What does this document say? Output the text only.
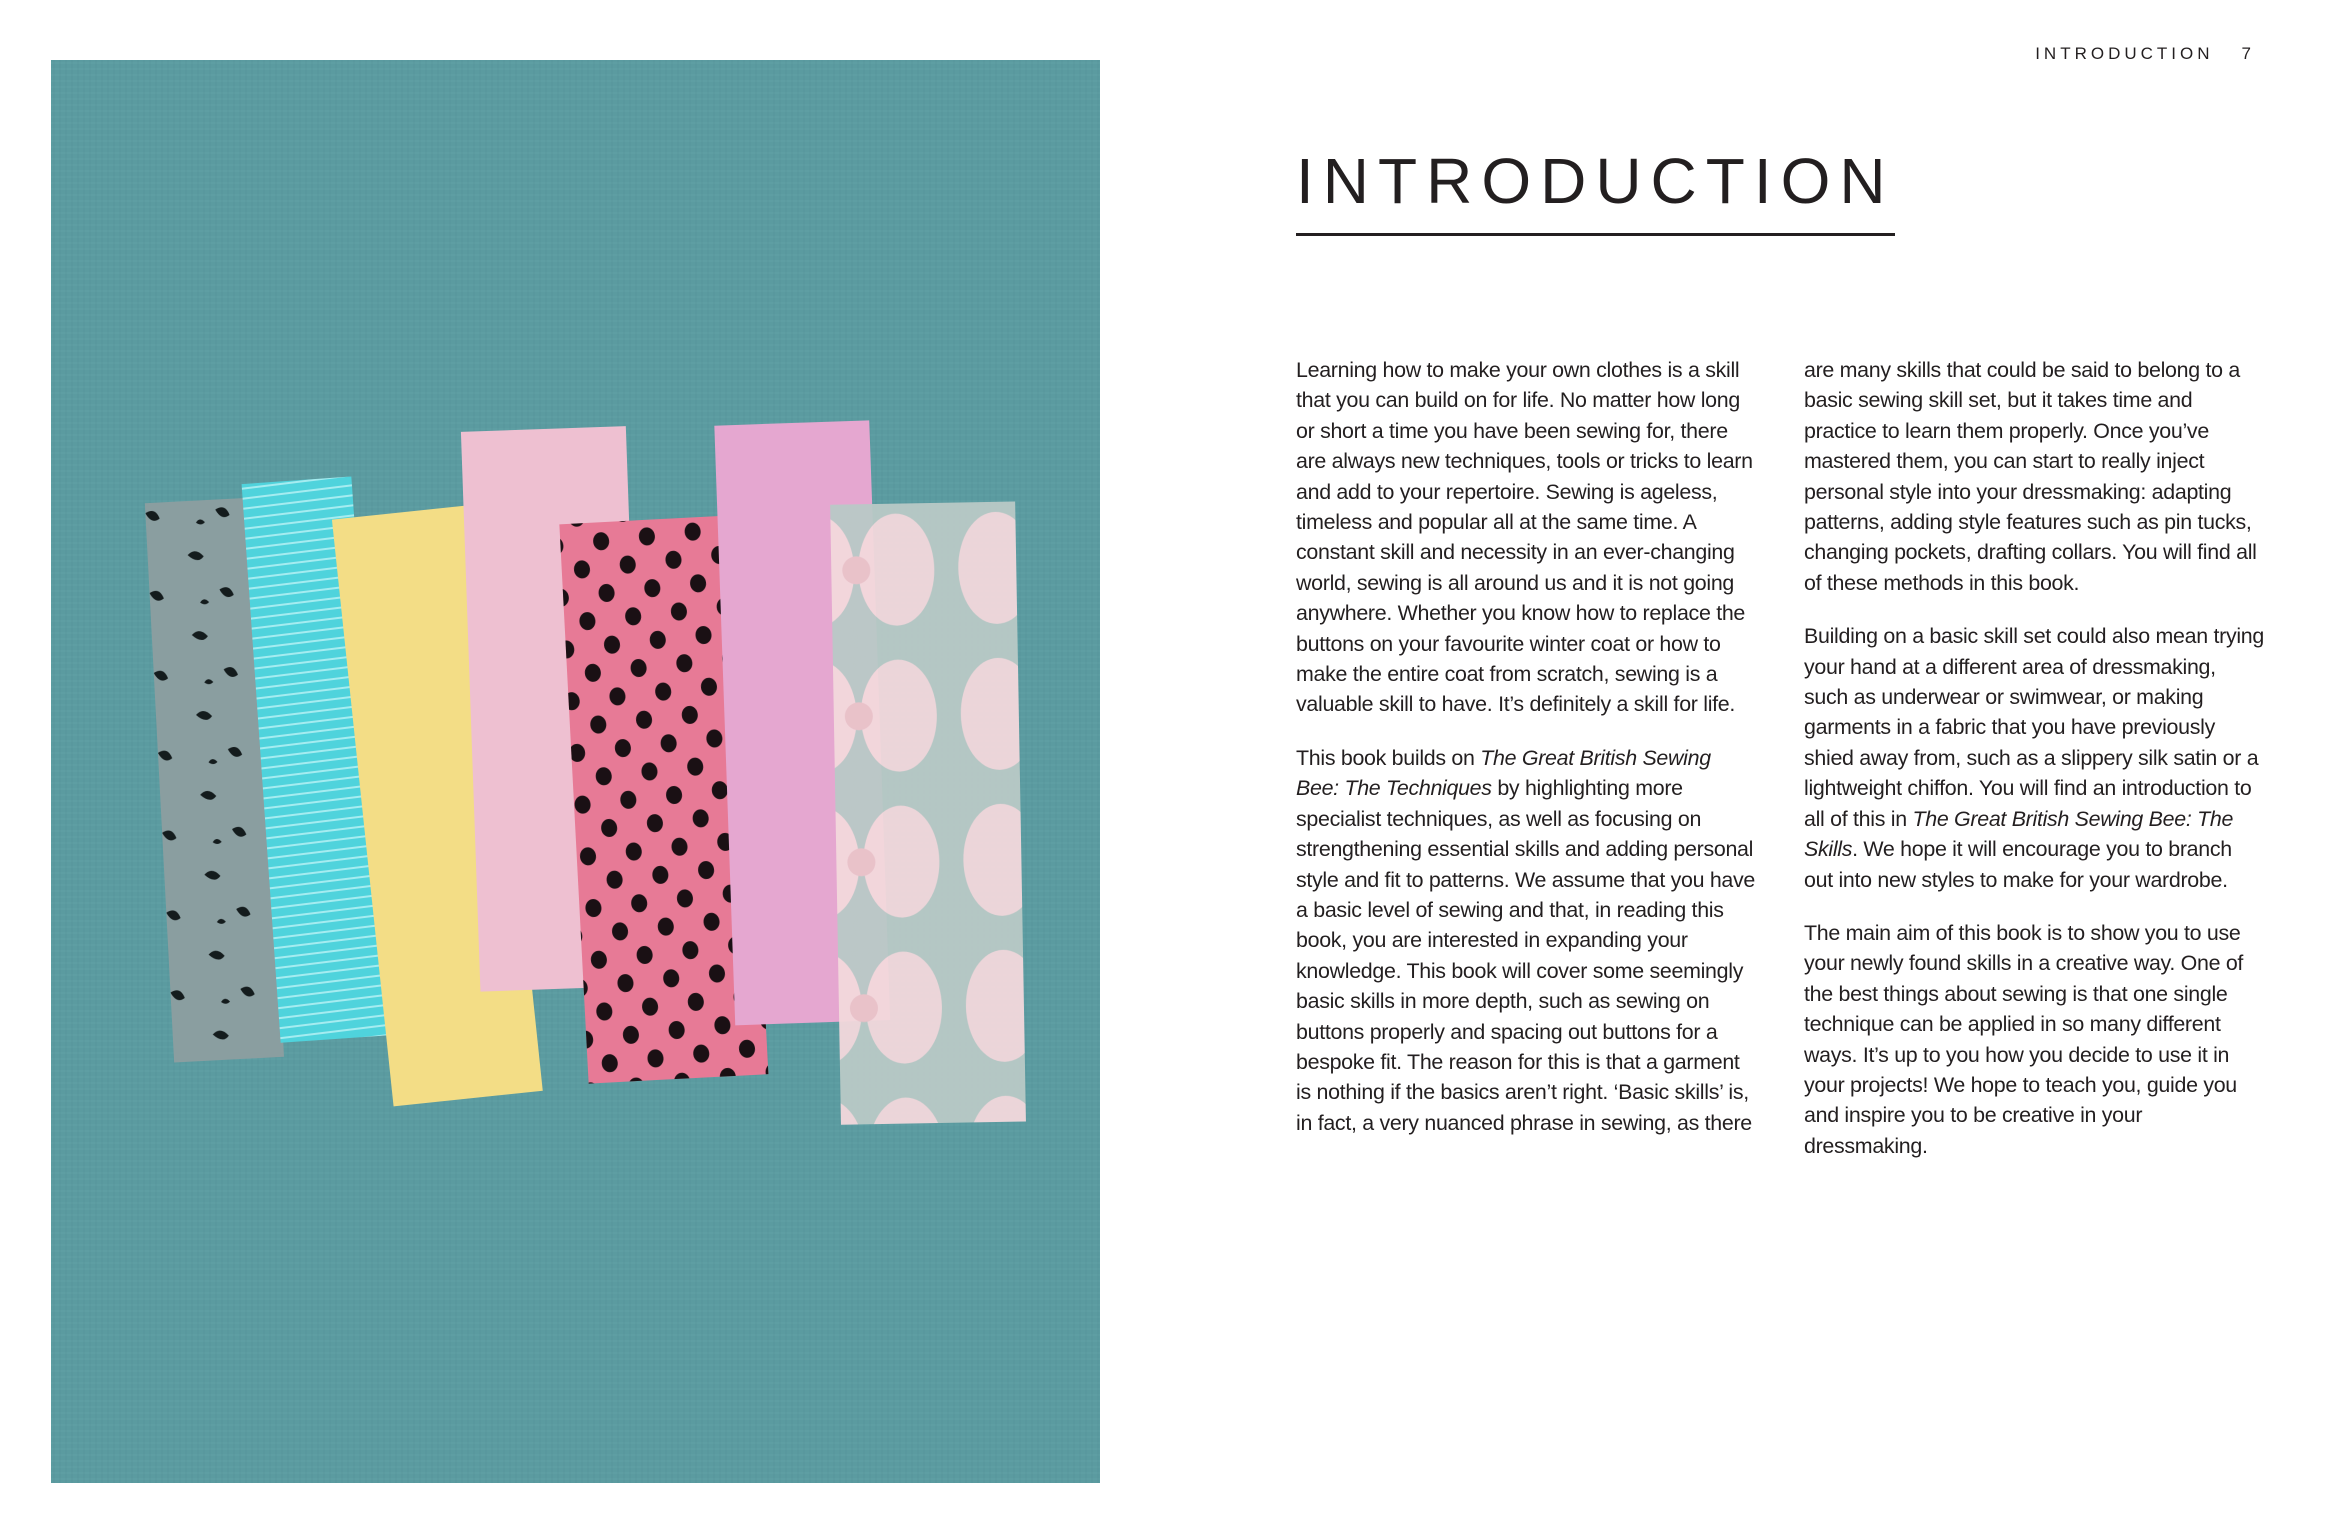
INTRODUCTION 7
INTRODUCTION

Learning how to make your own clothes is a skill that you can build on for life. No matter how long or short a time you have been sewing for, there are always new techniques, tools or tricks to learn and add to your repertoire. Sewing is ageless, timeless and popular all at the same time. A constant skill and necessity in an ever-changing world, sewing is all around us and it is not going anywhere. Whether you know how to replace the buttons on your favourite winter coat or how to make the entire coat from scratch, sewing is a valuable skill to have. It’s definitely a skill for life.

This book builds on The Great British Sewing Bee: The Techniques by highlighting more specialist techniques, as well as focusing on strengthening essential skills and adding personal style and fit to patterns. We assume that you have a basic level of sewing and that, in reading this book, you are interested in expanding your knowledge. This book will cover some seemingly basic skills in more depth, such as sewing on buttons properly and spacing out buttons for a bespoke fit. The reason for this is that a garment is nothing if the basics aren’t right. ‘Basic skills’ is, in fact, a very nuanced phrase in sewing, as there

are many skills that could be said to belong to a basic sewing skill set, but it takes time and practice to learn them properly. Once you’ve mastered them, you can start to really inject personal style into your dressmaking: adapting patterns, adding style features such as pin tucks, changing pockets, drafting collars. You will find all of these methods in this book.

Building on a basic skill set could also mean trying your hand at a different area of dressmaking, such as underwear or swimwear, or making garments in a fabric that you have previously shied away from, such as a slippery silk satin or a lightweight chiffon. You will find an introduction to all of this in The Great British Sewing Bee: The Skills. We hope it will encourage you to branch out into new styles to make for your wardrobe.

The main aim of this book is to show you to use your newly found skills in a creative way. One of the best things about sewing is that one single technique can be applied in so many different ways. It’s up to you how you decide to use it in your projects! We hope to teach you, guide you and inspire you to be creative in your dressmaking.
